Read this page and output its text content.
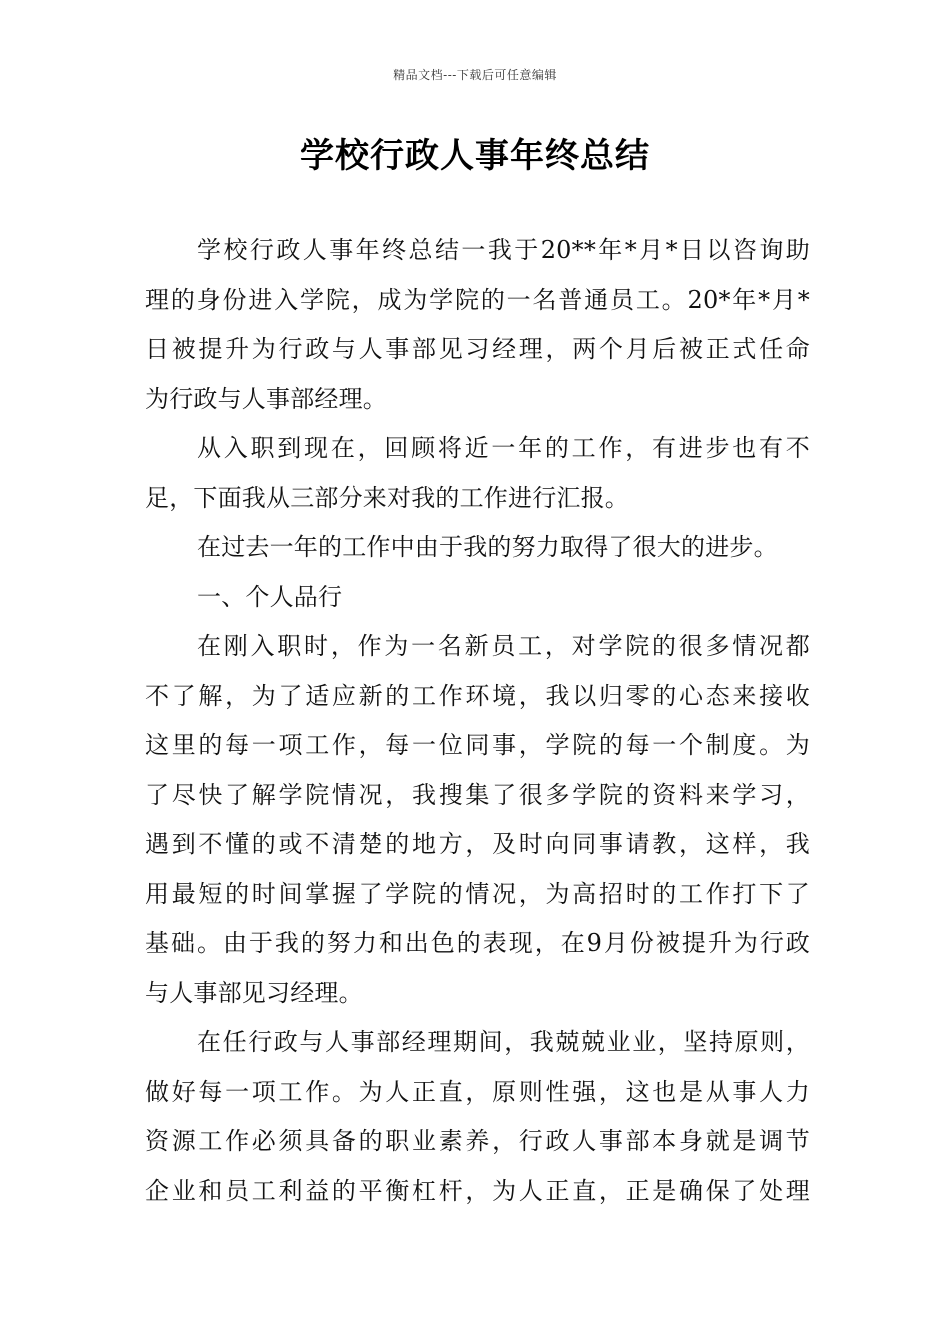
精品文档---下载后可任意编辑
学校行政人事年终总结
学校行政人事年终总结一我于20**年*月*日以咨询助
理的身份进入学院，成为学院的一名普通员工。20*年*月*
日被提升为行政与人事部见习经理，两个月后被正式任命
为行政与人事部经理。
从入职到现在，回顾将近一年的工作，有进步也有不
足，下面我从三部分来对我的工作进行汇报。
在过去一年的工作中由于我的努力取得了很大的进步。
一、个人品行
在刚入职时，作为一名新员工，对学院的很多情况都
不了解，为了适应新的工作环境，我以归零的心态来接收
这里的每一项工作，每一位同事，学院的每一个制度。为
了尽快了解学院情况，我搜集了很多学院的资料来学习，
遇到不懂的或不清楚的地方，及时向同事请教，这样，我
用最短的时间掌握了学院的情况，为高招时的工作打下了
基础。由于我的努力和出色的表现，在9月份被提升为行政
与人事部见习经理。
在任行政与人事部经理期间，我兢兢业业，坚持原则，
做好每一项工作。为人正直，原则性强，这也是从事人力
资源工作必须具备的职业素养，行政人事部本身就是调节
企业和员工利益的平衡杠杆，为人正直，正是确保了处理
